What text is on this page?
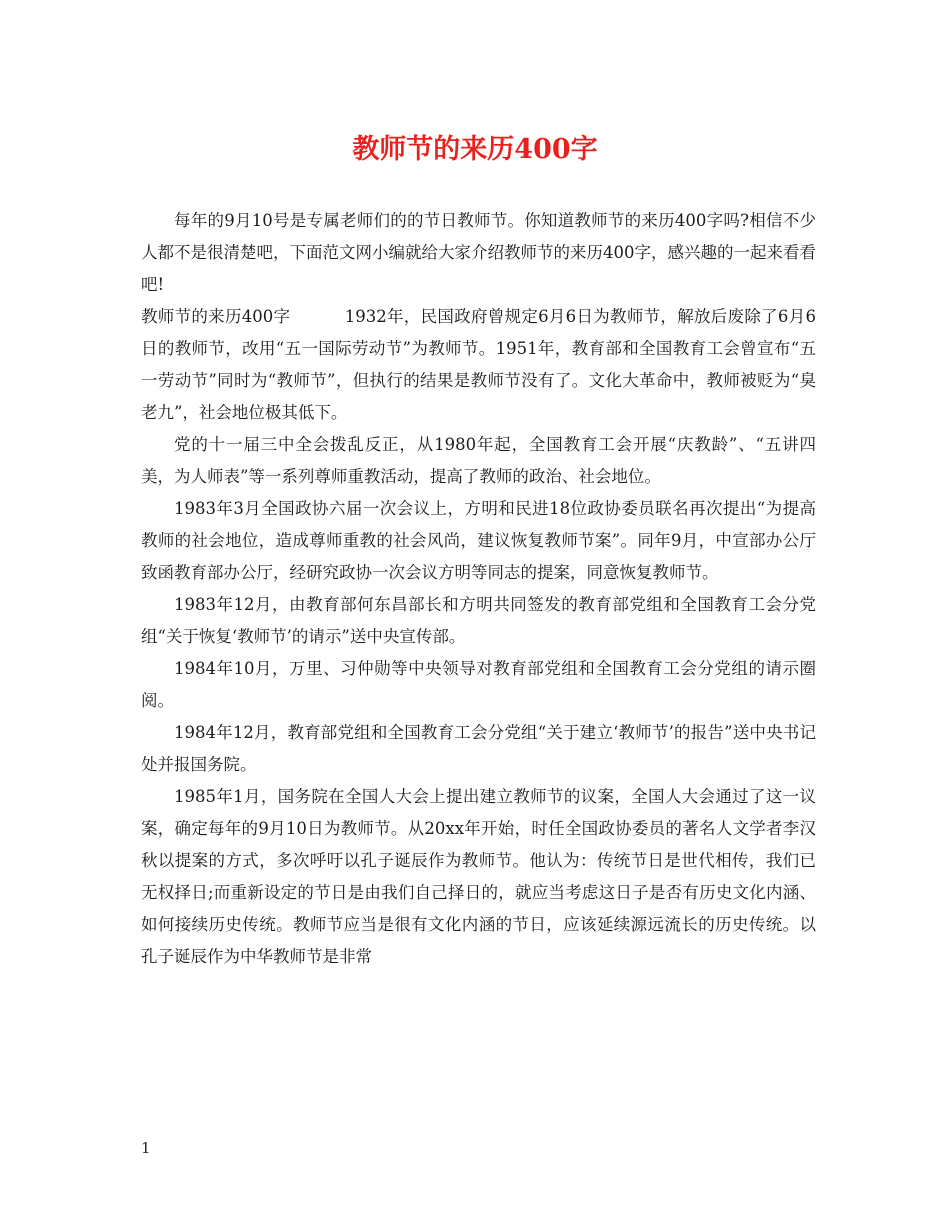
教师节的来历400字

每年的9月10号是专属老师们的的节日教师节。你知道教师节的来历400字吗?相信不少人都不是很清楚吧，下面范文网小编就给大家介绍教师节的来历400字，感兴趣的一起来看看吧!

教师节的来历400字	1932年，民国政府曾规定6月6日为教师节，解放后废除了6月6日的教师节，改用“五一国际劳动节”为教师节。1951年，教育部和全国教育工会曾宣布“五一劳动节”同时为“教师节”，但执行的结果是教师节没有了。文化大革命中，教师被贬为“臭老九”，社会地位极其低下。

党的十一届三中全会拨乱反正，从1980年起，全国教育工会开展“庆教龄”、“五讲四美，为人师表”等一系列尊师重教活动，提高了教师的政治、社会地位。

1983年3月全国政协六届一次会议上，方明和民进18位政协委员联名再次提出“为提高教师的社会地位，造成尊师重教的社会风尚，建议恢复教师节案”。同年9月，中宣部办公厅致函教育部办公厅，经研究政协一次会议方明等同志的提案，同意恢复教师节。

1983年12月，由教育部何东昌部长和方明共同签发的教育部党组和全国教育工会分党组“关于恢复‘教师节’的请示”送中央宣传部。

1984年10月，万里、习仲勋等中央领导对教育部党组和全国教育工会分党组的请示圈阅。

1984年12月，教育部党组和全国教育工会分党组“关于建立‘教师节’的报告”送中央书记处并报国务院。

1985年1月，国务院在全国人大会上提出建立教师节的议案，全国人大会通过了这一议案，确定每年的9月10日为教师节。从20xx年开始，时任全国政协委员的著名人文学者李汉秋以提案的方式，多次呼吁以孔子诞辰作为教师节。他认为：传统节日是世代相传，我们已无权择日;而重新设定的节日是由我们自己择日的，就应当考虑这日子是否有历史文化内涵、如何接续历史传统。教师节应当是很有文化内涵的节日，应该延续源远流长的历史传统。以孔子诞辰作为中华教师节是非常

1
